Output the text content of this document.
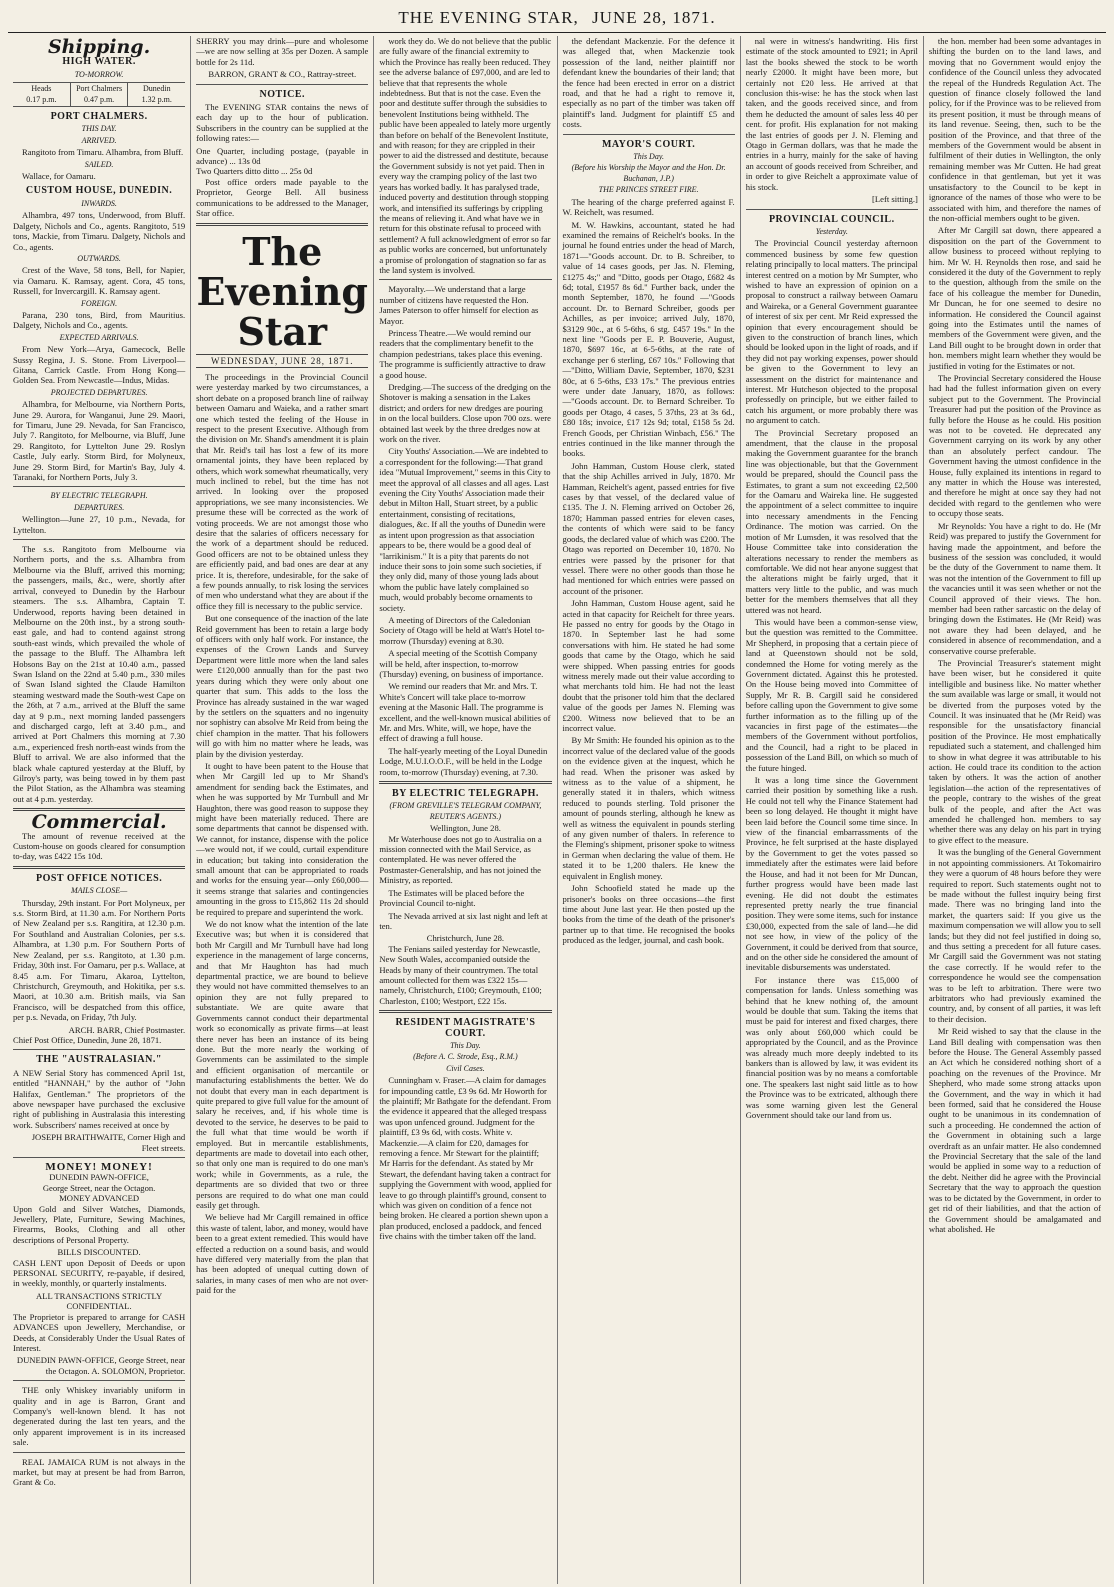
THE EVENING STAR, JUNE 28, 1871.
Shipping.
HIGH WATER.
TO-MORROW.
Heads
0.17 p.m.
Port Chalmers
0.47 p.m.
Dunedin
1.32 p.m.
PORT CHALMERS.
THIS DAY.
ARRIVED.

Rangitoto from Timaru. Alhambra, from Bluff.

SAILED.

Wallace, for Oamaru.

CUSTOM HOUSE, DUNEDIN.
INWARDS.

Alhambra, 497 tons, Underwood, from Bluff. Dalgety, Nichols and Co., agents. Rangitoto, 519 tons, Mackie, from Timaru. Dalgety, Nichols and Co., agents.

OUTWARDS.

Crest of the Wave, 58 tons, Bell, for Napier, via Oamaru. K. Ramsay, agent. Cora, 45 tons, Russell, for Invercargill. K. Ramsay agent.

FOREIGN.

Parana, 230 tons, Bird, from Mauritius. Dalgety, Nichols and Co., agents.

EXPECTED ARRIVALS.

From New York—Arya, Gamecock, Belle Sussy Regina, J. S. Stone. From Liverpool—Gitana, Carrick Castle. From Hong Kong—Golden Sea. From Newcastle—Indus, Midas.

PROJECTED DEPARTURES.

Alhambra, for Melbourne, via Northern Ports, June 29. Aurora, for Wanganui, June 29. Maori, for Timaru, June 29. Nevada, for San Francisco, July 7. Rangitoto, for Melbourne, via Bluff, June 29. Rangitoto, for Lyttelton June 29. Roslyn Castle, July early. Storm Bird, for Molyneux, June 29. Storm Bird, for Martin's Bay, July 4. Taranaki, for Northern Ports, July 3.

BY ELECTRIC TELEGRAPH.
DEPARTURES.

Wellington—June 27, 10 p.m., Nevada, for Lyttelton.

The s.s. Rangitoto from Melbourne via Northern ports, and the s.s. Alhambra from Melbourne via the Bluff, arrived this morning; the passengers, mails, &c., were, shortly after arrival, conveyed to Dunedin by the Harbour steamers. The s.s. Alhambra, Captain T. Underwood, reports having been detained in Melbourne on the 20th inst., by a strong south-east gale, and had to contend against strong south-east winds, which prevailed the whole of the passage to the Bluff. The Alhambra left Hobsons Bay on the 21st at 10.40 a.m., passed Swan Island on the 22nd at 5.40 p.m., 330 miles of Swan Island sighted the Claude Hamilton steaming westward made the South-west Cape on the 26th, at 7 a.m., arrived at the Bluff the same day at 9 p.m., next morning landed passengers and discharged cargo, left at 3.40 p.m., and arrived at Port Chalmers this morning at 7.30 a.m., experienced fresh north-east winds from the Bluff to arrival. We are also informed that the black whale captured yesterday at the Bluff, by Gilroy's party, was being towed in by them past the Pilot Station, as the Alhambra was steaming out at 4 p.m. yesterday.

Commercial.

The amount of revenue received at the Custom-house on goods cleared for consumption to-day, was £422 15s 10d.

POST OFFICE NOTICES.
MAILS CLOSE—

Thursday, 29th instant. For Port Molyneux, per s.s. Storm Bird, at 11.30 a.m. For Northern Ports of New Zealand per s.s. Rangitira, at 12.30 p.m. For Southland and Australian Colonies, per s.s. Alhambra, at 1.30 p.m. For Southern Ports of New Zealand, per s.s. Rangitoto, at 1.30 p.m. Friday, 30th inst. For Oamaru, per p.s. Wallace, at 8.45 a.m. For Timaru, Akaroa, Lyttelton, Christchurch, Greymouth, and Hokitika, per s.s. Maori, at 10.30 a.m. British mails, via San Francisco, will be despatched from this office, per p.s. Nevada, on Friday, 7th July.

ARCH. BARR, Chief Postmaster.
Chief Post Office, Dunedin, June 28, 1871.
THE "AUSTRALASIAN."

A NEW Serial Story has commenced April 1st, entitled "HANNAH," by the author of "John Halifax, Gentleman." The proprietors of the above newspaper have purchased the exclusive right of publishing in Australasia this interesting work. Subscribers' names received at once by

JOSEPH BRAITHWAITE, Corner High and Fleet streets.
MONEY! MONEY!
DUNEDIN PAWN-OFFICE,
George Street, near the Octagon.
MONEY ADVANCED

Upon Gold and Silver Watches, Diamonds, Jewellery, Plate, Furniture, Sewing Machines, Firearms, Books, Clothing and all other descriptions of Personal Property.

BILLS DISCOUNTED.

CASH LENT upon Deposit of Deeds or upon PERSONAL SECURITY, re-payable, if desired, in weekly, monthly, or quarterly instalments.

ALL TRANSACTIONS STRICTLY CONFIDENTIAL.

The Proprietor is prepared to arrange for CASH ADVANCES upon Jewellery, Merchandise, or Deeds, at Considerably Under the Usual Rates of Interest.

DUNEDIN PAWN-OFFICE, George Street, near the Octagon. A. SOLOMON, Proprietor.

THE only Whiskey invariably uniform in quality and in age is Barron, Grant and Company's well-known blend. It has not degenerated during the last ten years, and the only apparent improvement is in its increased sale.

REAL JAMAICA RUM is not always in the market, but may at present be had from Barron, Grant & Co.

SHERRY you may drink—pure and wholesome—we are now selling at 35s per Dozen. A sample bottle for 2s 11d.

BARRON, GRANT & CO., Rattray-street.
NOTICE.

The EVENING STAR contains the news of each day up to the hour of publication. Subscribers in the country can be supplied at the following rates:—

One Quarter, including postage, (payable in advance) ... 13s 0d
Two Quarters ditto ditto ... 25s 0d

Post office orders made payable to the Proprietor, George Bell. All business communications to be addressed to the Manager, Star office.

The Evening Star
WEDNESDAY, JUNE 28, 1871.

The proceedings in the Provincial Council were yesterday marked by two circumstances, a short debate on a proposed branch line of railway between Oamaru and Waieka, and a rather smart one which tested the feeling of the House in respect to the present Executive. Although from the division on Mr. Shand's amendment it is plain that Mr. Reid's tail has lost a few of its more ornamental joints, they have been replaced by others, which work somewhat rheumatically, very much inclined to rebel, but the time has not arrived. In looking over the proposed appropriations, we see many inconsistencies. We presume these will be corrected as the work of voting proceeds. We are not amongst those who desire that the salaries of officers necessary for the work of a department should be reduced. Good officers are not to be obtained unless they are efficiently paid, and bad ones are dear at any price. It is, therefore, undesirable, for the sake of a few pounds annually, to risk losing the services of men who understand what they are about if the office they fill is necessary to the public service.

But one consequence of the inaction of the late Reid government has been to retain a large body of officers with only half work. For instance, the expenses of the Crown Lands and Survey Department were little more when the land sales were £120,000 annually than for the past two years during which they were only about one quarter that sum. This adds to the loss the Province has already sustained in the war waged by the settlers on the squatters and no ingenuity nor sophistry can absolve Mr Reid from being the chief champion in the matter. That his followers will go with him no matter where he leads, was plain by the division yesterday.

It ought to have been patent to the House that when Mr Cargill led up to Mr Shand's amendment for sending back the Estimates, and when he was supported by Mr Turnbull and Mr Haughton, there was good reason to suppose they might have been materially reduced. There are some departments that cannot be dispensed with. We cannot, for instance, dispense with the police—we would not, if we could, curtail expenditure in education; but taking into consideration the small amount that can be appropriated to roads and works for the ensuing year—only £60,000—it seems strange that salaries and contingencies amounting in the gross to £15,862 11s 2d should be required to prepare and superintend the work.

We do not know what the intention of the late Executive was; but when it is considered that both Mr Cargill and Mr Turnbull have had long experience in the management of large concerns, and that Mr Haughton has had much departmental practice, we are bound to believe they would not have committed themselves to an opinion they are not fully prepared to substantiate. We are quite aware that Governments cannot conduct their departmental work so economically as private firms—at least there never has been an instance of its being done. But the more nearly the working of Governments can be assimilated to the simple and efficient organisation of mercantile or manufacturing establishments the better. We do not doubt that every man in each department is quite prepared to give full value for the amount of salary he receives, and, if his whole time is devoted to the service, he deserves to be paid to the full what that time would be worth if employed. But in mercantile establishments, departments are made to dovetail into each other, so that only one man is required to do one man's work; while in Governments, as a rule, the departments are so divided that two or three persons are required to do what one man could easily get through.

We believe had Mr Cargill remained in office this waste of talent, labor, and money, would have been to a great extent remedied. This would have effected a reduction on a sound basis, and would have differed very materially from the plan that has been adopted of unequal cutting down of salaries, in many cases of men who are not over-paid for the

work they do. We do not believe that the public are fully aware of the financial extremity to which the Province has really been reduced. They see the adverse balance of £97,000, and are led to believe that that represents the whole indebtedness. But that is not the case. Even the poor and destitute suffer through the subsidies to benevolent Institutions being withheld. The public have been appealed to lately more urgently than before on behalf of the Benevolent Institute, and with reason; for they are crippled in their power to aid the distressed and destitute, because the Government subsidy is not yet paid. Then in every way the cramping policy of the last two years has worked badly. It has paralysed trade, induced poverty and destitution through stopping work, and intensified its sufferings by crippling the means of relieving it. And what have we in return for this obstinate refusal to proceed with settlement? A full acknowledgment of error so far as public works are concerned, but unfortunately a promise of prolongation of stagnation so far as the land system is involved.

Mayoralty.—We understand that a large number of citizens have requested the Hon. James Paterson to offer himself for election as Mayor.

Princess Theatre.—We would remind our readers that the complimentary benefit to the champion pedestrians, takes place this evening. The programme is sufficiently attractive to draw a good house.

Dredging.—The success of the dredging on the Shotover is making a sensation in the Lakes district; and orders for new dredges are pouring in on the local builders. Close upon 700 ozs. were obtained last week by the three dredges now at work on the river.

City Youths' Association.—We are indebted to a correspondent for the following:—That grand idea "Mutual Improvement," seems in this City to meet the approval of all classes and all ages. Last evening the City Youths' Association made their debut in Milton Hall, Stuart street, by a public entertainment, consisting of recitations, dialogues, &c. If all the youths of Dunedin were as intent upon progression as that association appears to be, there would be a good deal of "larrikinism." It is a pity that parents do not induce their sons to join some such societies, if they only did, many of those young lads about whom the public have lately complained so much, would probably become ornaments to society.

A meeting of Directors of the Caledonian Society of Otago will be held at Watt's Hotel to-morrow (Thursday) evening at 8.30.

A special meeting of the Scottish Company will be held, after inspection, to-morrow (Thursday) evening, on business of importance.

We remind our readers that Mr. and Mrs. T. White's Concert will take place to-morrow evening at the Masonic Hall. The programme is excellent, and the well-known musical abilities of Mr. and Mrs. White, will, we hope, have the effect of drawing a full house.

The half-yearly meeting of the Loyal Dunedin Lodge, M.U.I.O.O.F., will be held in the Lodge room, to-morrow (Thursday) evening, at 7.30.

BY ELECTRIC TELEGRAPH.
(FROM GREVILLE'S TELEGRAM COMPANY, REUTER'S AGENTS.)
Wellington, June 28.

Mr Waterhouse does not go to Australia on a mission connected with the Mail Service, as contemplated. He was never offered the Postmaster-Generalship, and has not joined the Ministry, as reported.

The Estimates will be placed before the Provincial Council to-night.

The Nevada arrived at six last night and left at ten.

Christchurch, June 28.

The Fenians sailed yesterday for Newcastle, New South Wales, accompanied outside the Heads by many of their countrymen. The total amount collected for them was £322 15s—namely, Christchurch, £100; Greymouth, £100; Charleston, £100; Westport, £22 15s.

RESIDENT MAGISTRATE'S COURT.
This Day.
(Before A. C. Strode, Esq., R.M.)
Civil Cases.

Cunningham v. Fraser.—A claim for damages for impounding cattle, £3 9s 6d. Mr Howorth for the plaintiff; Mr Bathgate for the defendant. From the evidence it appeared that the alleged trespass was upon unfenced ground. Judgment for the plaintiff, £3 9s 6d, with costs. White v. Mackenzie.—A claim for £20, damages for removing a fence. Mr Stewart for the plaintiff; Mr Harris for the defendant. As stated by Mr Stewart, the defendant having taken a contract for supplying the Government with wood, applied for leave to go through plaintiff's ground, consent to which was given on condition of a fence not being broken. He cleared a portion shewn upon a plan produced, enclosed a paddock, and fenced five chains with the timber taken off the land.

the defendant Mackenzie. For the defence it was alleged that, when Mackenzie took possession of the land, neither plaintiff nor defendant knew the boundaries of their land; that the fence had been erected in error on a district road, and that he had a right to remove it, especially as no part of the timber was taken off plaintiff's land. Judgment for plaintiff £5 and costs.

MAYOR'S COURT.
This Day.
(Before his Worship the Mayor and the Hon. Dr. Buchanan, J.P.)
THE PRINCES STREET FIRE.

The hearing of the charge preferred against F. W. Reichelt, was resumed.

M. W. Hawkins, accountant, stated he had examined the remains of Reichelt's books. In the journal he found entries under the head of March, 1871—"Goods account. Dr. to B. Schreiber, to value of 14 cases goods, per Jas. N. Fleming, £1275 4s;" and "Ditto, goods per Otago, £682 4s 6d; total, £1957 8s 6d." Further back, under the month September, 1870, he found —"Goods account. Dr. to Bernard Schreiber, goods per Achilles, as per invoice; arrived July, 1870, $3129 90c., at 6 5-6ths, 6 stg. £457 19s." In the next line "Goods per E. P. Bouverie, August, 1870, $697 16c, at 6-5-6ths, at the rate of exchange per 6 sterling, £67 10s." Following that—"Ditto, William Davie, September, 1870, $231 80c, at 6 5-6ths, £33 17s." The previous entries were under date January, 1870, as follows:—"Goods account. Dr. to Bernard Schreiber. To goods per Otago, 4 cases, 5 37ths, 23 at 3s 6d., £80 18s; invoice, £17 12s 9d; total, £158 5s 2d. French Goods, per Christian Winbach, £56." The entries continued in the like manner through the books.

John Hamman, Custom House clerk, stated that the ship Achilles arrived in July, 1870. Mr Hamman, Reichelt's agent, passed entries for five cases by that vessel, of the declared value of £135. The J. N. Fleming arrived on October 26, 1870; Hamman passed entries for eleven cases, the contents of which were said to be fancy goods, the declared value of which was £200. The Otago was reported on December 10, 1870. No entries were passed by the prisoner for that vessel. There were no other goods than those he had mentioned for which entries were passed on account of the prisoner.

John Hamman, Custom House agent, said he acted in that capacity for Reichelt for three years. He passed no entry for goods by the Otago in 1870. In September last he had some conversations with him. He stated he had some goods that came by the Otago, which he said were shipped. When passing entries for goods witness merely made out their value according to what merchants told him. He had not the least doubt that the prisoner told him that the declared value of the goods per James N. Fleming was £200. Witness now believed that to be an incorrect value.

By Mr Smith: He founded his opinion as to the incorrect value of the declared value of the goods on the evidence given at the inquest, which he had read. When the prisoner was asked by witness as to the value of a shipment, he generally stated it in thalers, which witness reduced to pounds sterling. Told prisoner the amount of pounds sterling, although he knew as well as witness the equivalent in pounds sterling of any given number of thalers. In reference to the Fleming's shipment, prisoner spoke to witness in German when declaring the value of them. He stated it to be 1,200 thalers. He knew the equivalent in English money.

John Schoofield stated he made up the prisoner's books on three occasions—the first time about June last year. He then posted up the books from the time of the death of the prisoner's partner up to that time. He recognised the books produced as the ledger, journal, and cash book.

nal were in witness's handwriting. His first estimate of the stock amounted to £921; in April last the books shewed the stock to be worth nearly £2000. It might have been more, but certainly not £20 less. He arrived at that conclusion this-wise: he has the stock when last taken, and the goods received since, and from them he deducted the amount of sales less 40 per cent. for profit. His explanation for not making the last entries of goods per J. N. Fleming and Otago in German dollars, was that he made the entries in a hurry, mainly for the sake of having an account of goods received from Schreiber, and in order to give Reichelt a approximate value of his stock.

[Left sitting.]
PROVINCIAL COUNCIL.
Yesterday.

The Provincial Council yesterday afternoon commenced business by some few question relating principally to local matters. The principal interest centred on a motion by Mr Sumpter, who wished to have an expression of opinion on a proposal to construct a railway between Oamaru and Waireka, or a General Government guarantee of interest of six per cent. Mr Reid expressed the opinion that every encouragement should be given to the construction of branch lines, which should be looked upon in the light of roads, and if they did not pay working expenses, power should be given to the Government to levy an assessment on the district for maintenance and interest. Mr Hutcheson objected to the proposal professedly on principle, but we either failed to catch his argument, or more probably there was no argument to catch.

The Provincial Secretary proposed an amendment, that the clause in the proposal making the Government guarantee for the branch line was objectionable, but that the Government would be prepared, should the Council pass the Estimates, to grant a sum not exceeding £2,500 for the Oamaru and Waireka line. He suggested the appointment of a select committee to inquire into necessary amendments in the Fencing Ordinance. The motion was carried. On the motion of Mr Lumsden, it was resolved that the House Committee take into consideration the alterations necessary to render the members as comfortable. We did not hear anyone suggest that the alterations might be fairly urged, that it matters very little to the public, and was much better for the members themselves that all they uttered was not heard.

This would have been a common-sense view, but the question was remitted to the Committee. Mr Shepherd, in proposing that a certain piece of land at Queenstown should not be sold, condemned the Home for voting merely as the Government dictated. Against this he protested. On the House being moved into Committee of Supply, Mr R. B. Cargill said he considered before calling upon the Government to give some further information as to the filling up of the vacancies in first page of the estimates—the members of the Government without portfolios, and the Council, had a right to be placed in possession of the Land Bill, on which so much of the future hinged.

It was a long time since the Government carried their position by something like a rush. He could not tell why the Finance Statement had been so long delayed. He thought it might have been laid before the Council some time since. In view of the financial embarrassments of the Province, he felt surprised at the haste displayed by the Government to get the votes passed so immediately after the estimates were laid before the House, and had it not been for Mr Duncan, further progress would have been made last evening. He did not doubt the estimates represented pretty nearly the true financial position. They were some items, such for instance £30,000, expected from the sale of land—he did not see how, in view of the policy of the Government, it could be derived from that source, and on the other side he considered the amount of inevitable disbursements was understated.

For instance there was £15,000 of compensation for lands. Unless something was behind that he knew nothing of, the amount would be double that sum. Taking the items that must be paid for interest and fixed charges, there was only about £60,000 which could be appropriated by the Council, and as the Province was already much more deeply indebted to its bankers than is allowed by law, it was evident its financial position was by no means a comfortable one. The speakers last night said little as to how the Province was to be extricated, although there was some warning given lest the General Government should take our land from us.

the hon. member had been some advantages in shifting the burden on to the land laws, and moving that no Government would enjoy the confidence of the Council unless they advocated the repeal of the Hundreds Regulation Act. The question of finance closely followed the land policy, for if the Province was to be relieved from its present position, it must be through means of its land revenue. Seeing, then, such to be the position of the Province, and that three of the members of the Government would be absent in fulfilment of their duties in Wellington, the only remaining member was Mr Cutten. He had great confidence in that gentleman, but yet it was unsatisfactory to the Council to be kept in ignorance of the names of those who were to be associated with him, and therefore the names of the non-official members ought to be given.

After Mr Cargill sat down, there appeared a disposition on the part of the Government to allow business to proceed without replying to him. Mr W. H. Reynolds then rose, and said he considered it the duty of the Government to reply to the question, although from the smile on the face of his colleague the member for Dunedin, Mr Duncan, he for one seemed to desire no information. He considered the Council against going into the Estimates until the names of members of the Government were given, and the Land Bill ought to be brought down in order that hon. members might learn whether they would be justified in voting for the Estimates or not.

The Provincial Secretary considered the House had had the fullest information given on every subject put to the Government. The Provincial Treasurer had put the position of the Province as fully before the House as he could. His position was not to be coveted. He deprecated any Government carrying on its work by any other than an absolutely perfect candour. The Government having the utmost confidence in the House, fully explained its intentions in regard to any matter in which the House was interested, and therefore he might at once say they had not decided with regard to the gentlemen who were to occupy those seats.

Mr Reynolds: You have a right to do. He (Mr Reid) was prepared to justify the Government for having made the appointment, and before the business of the session was concluded, it would be the duty of the Government to name them. It was not the intention of the Government to fill up the vacancies until it was seen whether or not the Council approved of their views. The hon. member had been rather sarcastic on the delay of bringing down the Estimates. He (Mr Reid) was not aware they had been delayed, and he considered in absence of recommendation, and a conservative course preferable.

The Provincial Treasurer's statement might have been wiser, but he considered it quite intelligible and business like. No matter whether the sum available was large or small, it would not be diverted from the purposes voted by the Council. It was insinuated that he (Mr Reid) was responsible for the unsatisfactory financial position of the Province. He most emphatically repudiated such a statement, and challenged him to show in what degree it was attributable to his action. He could trace its condition to the action taken by others. It was the action of another legislation—the action of the representatives of the people, contrary to the wishes of the great bulk of the people, and after the Act was amended he challenged hon. members to say whether there was any delay on his part in trying to give effect to the measure.

It was the bungling of the General Government in not appointing commissioners. At Tokomairiro they were a quorum of 48 hours before they were required to report. Such statements ought not to be made without the fullest inquiry being first made. There was no bringing land into the market, the quarters said: If you give us the maximum compensation we will allow you to sell lands; but they did not feel justified in doing so, and thus setting a precedent for all future cases. Mr Cargill said the Government was not stating the case correctly. If he would refer to the correspondence he would see the compensation was to be left to arbitration. There were two arbitrators who had previously examined the country, and, by consent of all parties, it was left to their decision.

Mr Reid wished to say that the clause in the Land Bill dealing with compensation was then before the House. The General Assembly passed an Act which he considered nothing short of a poaching on the revenues of the Province. Mr Shepherd, who made some strong attacks upon the Government, and the way in which it had been formed, said that he considered the House ought to be unanimous in its condemnation of such a proceeding. He condemned the action of the Government in obtaining such a large overdraft as an unfair matter. He also condemned the Provincial Secretary that the sale of the land would be applied in some way to a reduction of the debt. Neither did he agree with the Provincial Secretary that the way to approach the question was to be dictated by the Government, in order to get rid of their liabilities, and that the action of the Government should be amalgamated and what abolished. He
